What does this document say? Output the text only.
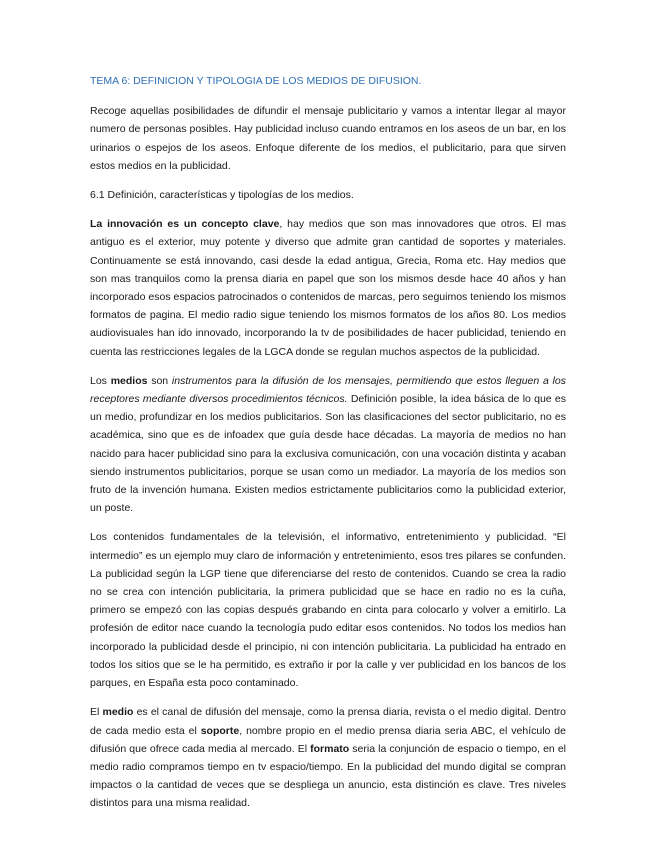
TEMA 6: DEFINICION Y TIPOLOGIA DE LOS MEDIOS DE DIFUSION.

Recoge aquellas posibilidades de difundir el mensaje publicitario y vamos a intentar llegar al mayor numero de personas posibles. Hay publicidad incluso cuando entramos en los aseos de un bar, en los urinarios o espejos de los aseos. Enfoque diferente de los medios, el publicitario, para que sirven estos medios en la publicidad.

6.1 Definición, características y tipologías de los medios.

La innovación es un concepto clave, hay medios que son mas innovadores que otros. El mas antiguo es el exterior, muy potente y diverso que admite gran cantidad de soportes y materiales. Continuamente se está innovando, casi desde la edad antigua, Grecia, Roma etc. Hay medios que son mas tranquilos como la prensa diaria en papel que son los mismos desde hace 40 años y han incorporado esos espacios patrocinados o contenidos de marcas, pero seguimos teniendo los mismos formatos de pagina. El medio radio sigue teniendo los mismos formatos de los años 80. Los medios audiovisuales han ido innovado, incorporando la tv de posibilidades de hacer publicidad, teniendo en cuenta las restricciones legales de la LGCA donde se regulan muchos aspectos de la publicidad.

Los medios son instrumentos para la difusión de los mensajes, permitiendo que estos lleguen a los receptores mediante diversos procedimientos técnicos. Definición posible, la idea básica de lo que es un medio, profundizar en los medios publicitarios. Son las clasificaciones del sector publicitario, no es académica, sino que es de infoadex que guía desde hace décadas. La mayoría de medios no han nacido para hacer publicidad sino para la exclusiva comunicación, con una vocación distinta y acaban siendo instrumentos publicitarios, porque se usan como un mediador. La mayoría de los medios son fruto de la invención humana. Existen medios estrictamente publicitarios como la publicidad exterior, un poste.

Los contenidos fundamentales de la televisión, el informativo, entretenimiento y publicidad. “El intermedio” es un ejemplo muy claro de información y entretenimiento, esos tres pilares se confunden. La publicidad según la LGP tiene que diferenciarse del resto de contenidos. Cuando se crea la radio no se crea con intención publicitaria, la primera publicidad que se hace en radio no es la cuña, primero se empezó con las copias después grabando en cinta para colocarlo y volver a emitirlo. La profesión de editor nace cuando la tecnología pudo editar esos contenidos. No todos los medios han incorporado la publicidad desde el principio, ni con intención publicitaria. La publicidad ha entrado en todos los sitios que se le ha permitido, es extraño ir por la calle y ver publicidad en los bancos de los parques, en España esta poco contaminado.

El medio es el canal de difusión del mensaje, como la prensa diaria, revista o el medio digital. Dentro de cada medio esta el soporte, nombre propio en el medio prensa diaria seria ABC, el vehículo de difusión que ofrece cada media al mercado. El formato seria la conjunción de espacio o tiempo, en el medio radio compramos tiempo en tv espacio/tiempo. En la publicidad del mundo digital se compran impactos o la cantidad de veces que se despliega un anuncio, esta distinción es clave. Tres niveles distintos para una misma realidad.
